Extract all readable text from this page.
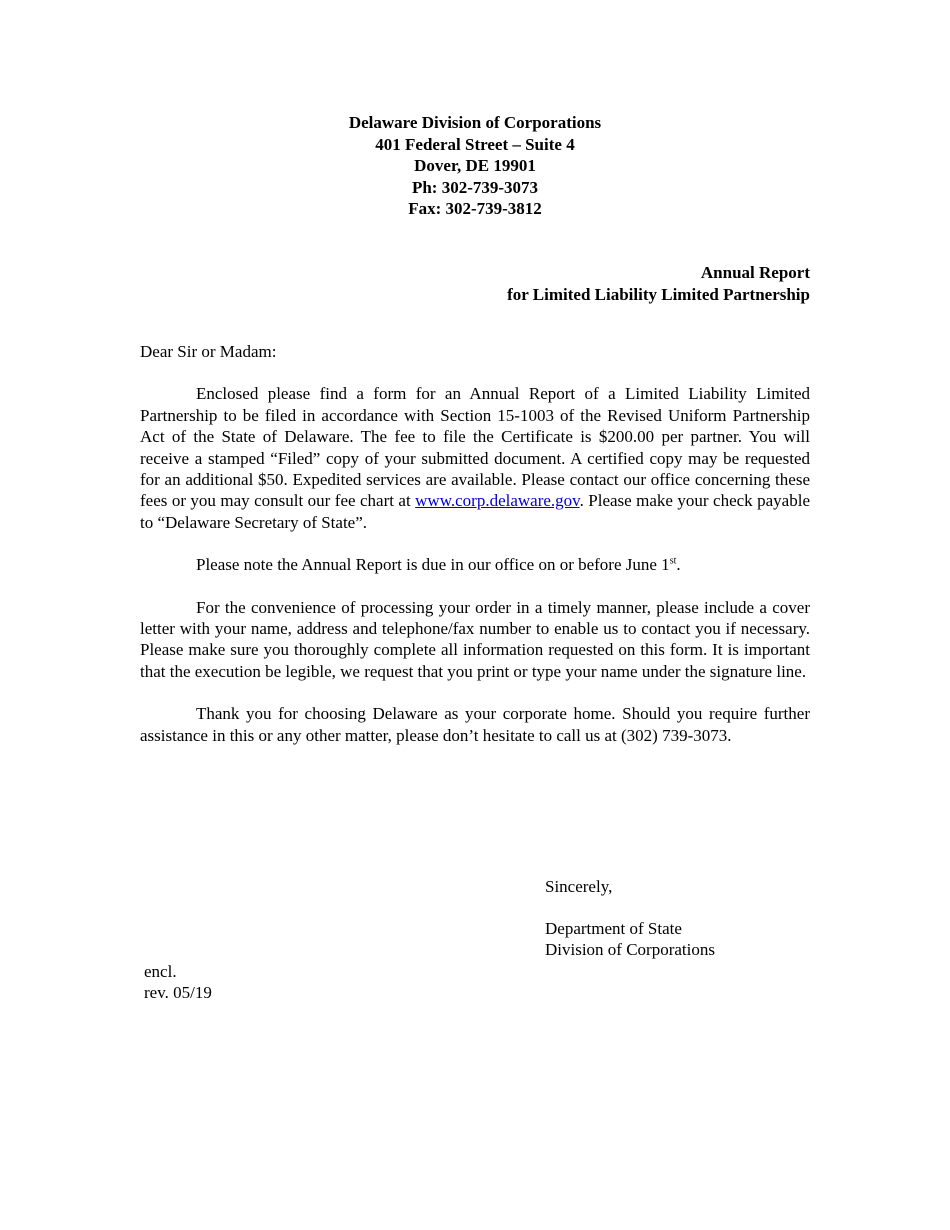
Delaware Division of Corporations
401 Federal Street – Suite 4
Dover, DE 19901
Ph: 302-739-3073
Fax: 302-739-3812
Annual Report
for Limited Liability Limited Partnership

Dear Sir or Madam:

Enclosed please find a form for an Annual Report of a Limited Liability Limited Partnership to be filed in accordance with Section 15-1003 of the Revised Uniform Partnership Act of the State of Delaware. The fee to file the Certificate is $200.00 per partner. You will receive a stamped “Filed” copy of your submitted document. A certified copy may be requested for an additional $50. Expedited services are available. Please contact our office concerning these fees or you may consult our fee chart at www.corp.delaware.gov. Please make your check payable to “Delaware Secretary of State”.

Please note the Annual Report is due in our office on or before June 1st.

For the convenience of processing your order in a timely manner, please include a cover letter with your name, address and telephone/fax number to enable us to contact you if necessary. Please make sure you thoroughly complete all information requested on this form. It is important that the execution be legible, we request that you print or type your name under the signature line.

Thank you for choosing Delaware as your corporate home. Should you require further assistance in this or any other matter, please don’t hesitate to call us at (302) 739-3073.

Sincerely,
Department of State
Division of Corporations
encl.
rev. 05/19
